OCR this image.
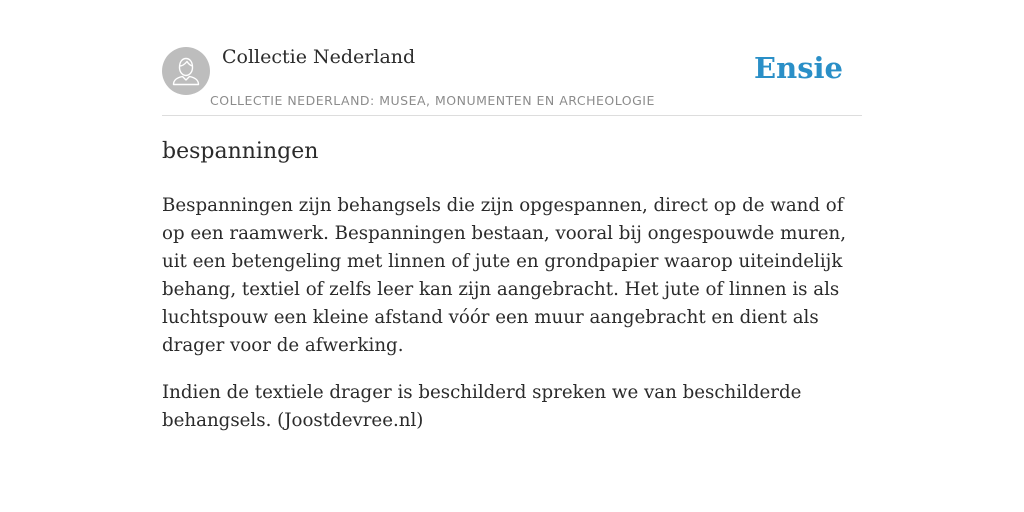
Collectie Nederland
COLLECTIE NEDERLAND: MUSEA, MONUMENTEN EN ARCHEOLOGIE
Ensie
bespanningen

Bespanningen zijn behangsels die zijn opgespannen, direct op de wand of op een raamwerk. Bespanningen bestaan, vooral bij ongespouwde muren, uit een betengeling met linnen of jute en grondpapier waarop uiteindelijk behang, textiel of zelfs leer kan zijn aangebracht. Het jute of linnen is als luchtspouw een kleine afstand vóór een muur aangebracht en dient als drager voor de afwerking.

Indien de textiele drager is beschilderd spreken we van beschilderde behangsels. (Joostdevree.nl)
